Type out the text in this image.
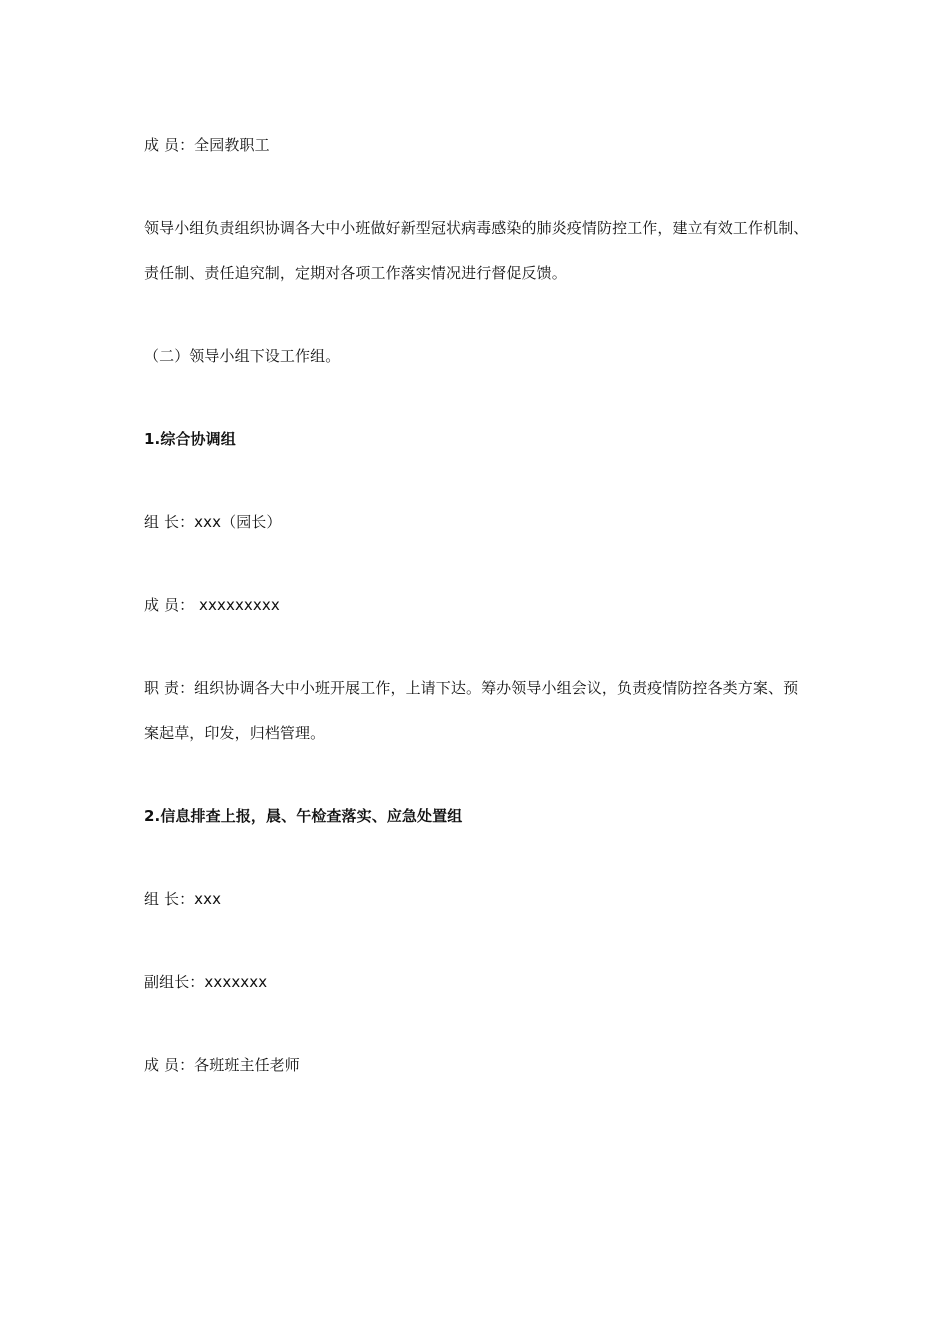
成 员：全园教职工
领导小组负责组织协调各大中小班做好新型冠状病毒感染的肺炎疫情防控工作，建立有效工作机制、
责任制、责任追究制，定期对各项工作落实情况进行督促反馈。
（二）领导小组下设工作组。
1.综合协调组
组 长：xxx（园长）
成 员： xxxxxxxxx
职 责：组织协调各大中小班开展工作，上请下达。筹办领导小组会议，负责疫情防控各类方案、预
案起草，印发，归档管理。
2.信息排查上报，晨、午检查落实、应急处置组
组 长：xxx
副组长：xxxxxxx
成 员：各班班主任老师
